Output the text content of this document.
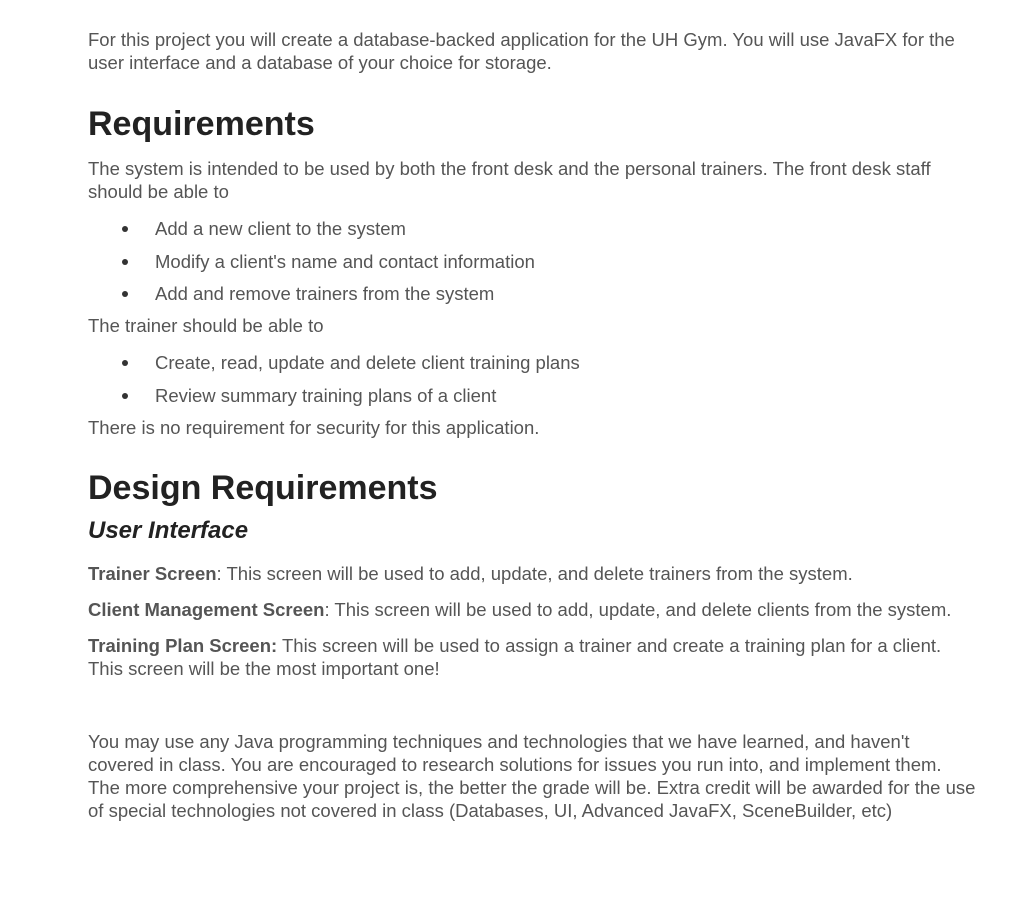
For this project you will create a database-backed application for the UH Gym. You will use JavaFX for the user interface and a database of your choice for storage.

Requirements

The system is intended to be used by both the front desk and the personal trainers. The front desk staff should be able to

Add a new client to the system
Modify a client's name and contact information
Add and remove trainers from the system

The trainer should be able to

Create, read, update and delete client training plans
Review summary training plans of a client

There is no requirement for security for this application.

Design Requirements
User Interface

Trainer Screen: This screen will be used to add, update, and delete trainers from the system.

Client Management Screen: This screen will be used to add, update, and delete clients from the system.

Training Plan Screen: This screen will be used to assign a trainer and create a training plan for a client. This screen will be the most important one!

You may use any Java programming techniques and technologies that we have learned, and haven't covered in class. You are encouraged to research solutions for issues you run into, and implement them. The more comprehensive your project is, the better the grade will be. Extra credit will be awarded for the use of special technologies not covered in class (Databases, UI, Advanced JavaFX, SceneBuilder, etc)
